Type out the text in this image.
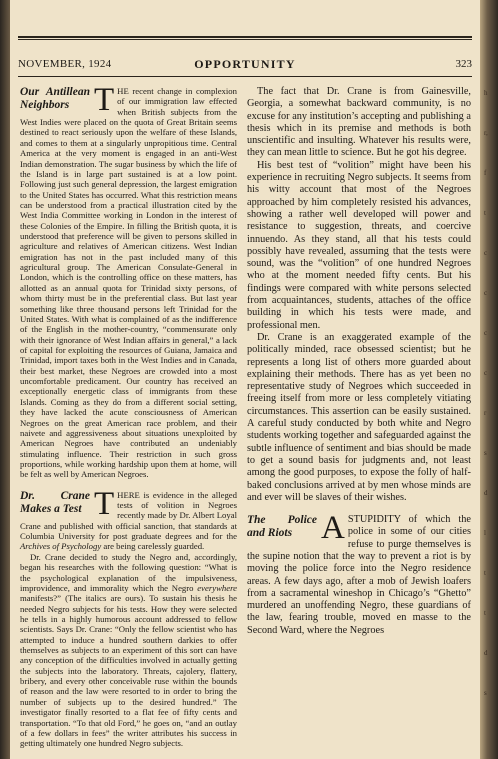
NOVEMBER, 1924	OPPORTUNITY	323
Our Antillean Neighbors THE recent change in complexion of our immigration law effected when British subjects from the West Indies were placed on the quota of Great Britain seems destined to react seriously upon the welfare of these Islands, and comes to them at a singularly unpropitious time. Central America at the very moment is engaged in an anti-West Indian demonstration. The sugar business by which the life of the Island is in large part sustained is at a low point. Following just such general depression, the largest emigration to the United States has occurred. What this restriction means can be understood from a practical illustration cited by the West India Committee working in London in the interest of these Colonies of the Empire. In filling the British quota, it is understood that preference will be given to persons skilled in agriculture and relatives of American citizens. West Indian emigration has not in the past included many of this agricultural group. The American Consulate-General in London, which is the controlling office on these matters, has allotted as an annual quota for Trinidad sixty persons, of whom thirty must be in the preferential class. But last year something like three thousand persons left Trinidad for the United States. With what is complained of as the indifference of the English in the mother-country, “commensurate only with their ignorance of West Indian affairs in general,” a lack of capital for exploiting the resources of Guiana, Jamaica and Trinidad, import taxes both in the West Indies and in Canada, their best market, these Negroes are crowded into a most uncomfortable predicament. Our country has received an exceptionally energetic class of immigrants from these Islands. Coming as they do from a different social setting, they have lacked the acute consciousness of American Negroes on the great American race problem, and their naivete and aggressiveness about situations unexploited by American Negroes have contributed an undeniably stimulating influence. Their restriction in such gross proportions, while working hardship upon them at home, will be felt as well by American Negroes.

Dr. Crane Makes a Test THERE is evidence in the alleged tests of volition in Negroes recently made by Dr. Albert Loyal Crane and published with official sanction, that standards at Columbia University for post graduate degrees and for the Archives of Psychology are being carelessly guarded.

Dr. Crane decided to study the Negro and, accordingly, began his researches with the following question: “What is the psychological explanation of the impulsiveness, improvidence, and immorality which the Negro everywhere manifests?” (The italics are ours). To sustain his thesis he needed Negro subjects for his tests. How they were selected he tells in a highly humorous account addressed to fellow scientists. Says Dr. Crane: “Only the fellow scientist who has attempted to induce a hundred southern darkies to offer themselves as subjects to an experiment of this sort can have any conception of the difficulties involved in actually getting the subjects into the laboratory. Threats, cajolery, flattery, bribery, and every other conceivable ruse within the bounds of reason and the law were resorted to in order to bring the number of subjects up to the desired hundred.” The investigator finally resorted to a flat fee of fifty cents and transportation. “To that old Ford,” he goes on, “and an outlay of a few dollars in fees” the writer attributes his success in getting ultimately one hundred Negro subjects.

The fact that Dr. Crane is from Gainesville, Georgia, a somewhat backward community, is no excuse for any institution’s accepting and publishing a thesis which in its premise and methods is both unscientific and insulting. Whatever his results were, they can mean little to science. But he got his degree.

His best test of “volition” might have been his experience in recruiting Negro subjects. It seems from his witty account that most of the Negroes approached by him completely resisted his advances, showing a rather well developed will power and resistance to suggestion, threats, and coercive innuendo. As they stand, all that his tests could possibly have revealed, assuming that the tests were sound, was the “volition” of one hundred Negroes who at the moment needed fifty cents. But his findings were compared with white persons selected from acquaintances, students, attaches of the office building in which his tests were made, and professional men.

Dr. Crane is an exaggerated example of the politically minded, race obsessed scientist; but he represents a long list of others more guarded about explaining their methods. There has as yet been no representative study of Negroes which succeeded in freeing itself from more or less completely vitiating circumstances. This assertion can be easily sustained. A careful study conducted by both white and Negro students working together and safeguarded against the subtle influence of sentiment and bias should be made to get a sound basis for judgments and, not least among the good purposes, to expose the folly of half-baked conclusions arrived at by men whose minds are and ever will be slaves of their wishes.

The Police and Riots A STUPIDITY of which the police in some of our cities refuse to purge themselves is the supine notion that the way to prevent a riot is by moving the police force into the Negro residence areas. A few days ago, after a mob of Jewish loafers from a sacramental wineshop in Chicago’s “Ghetto” murdered an unoffending Negro, these guardians of the law, fearing trouble, moved en masse to the Second Ward, where the Negroes

h
r,
f
t
c
c
c
c
r
s
d
l
t
t
d
s
